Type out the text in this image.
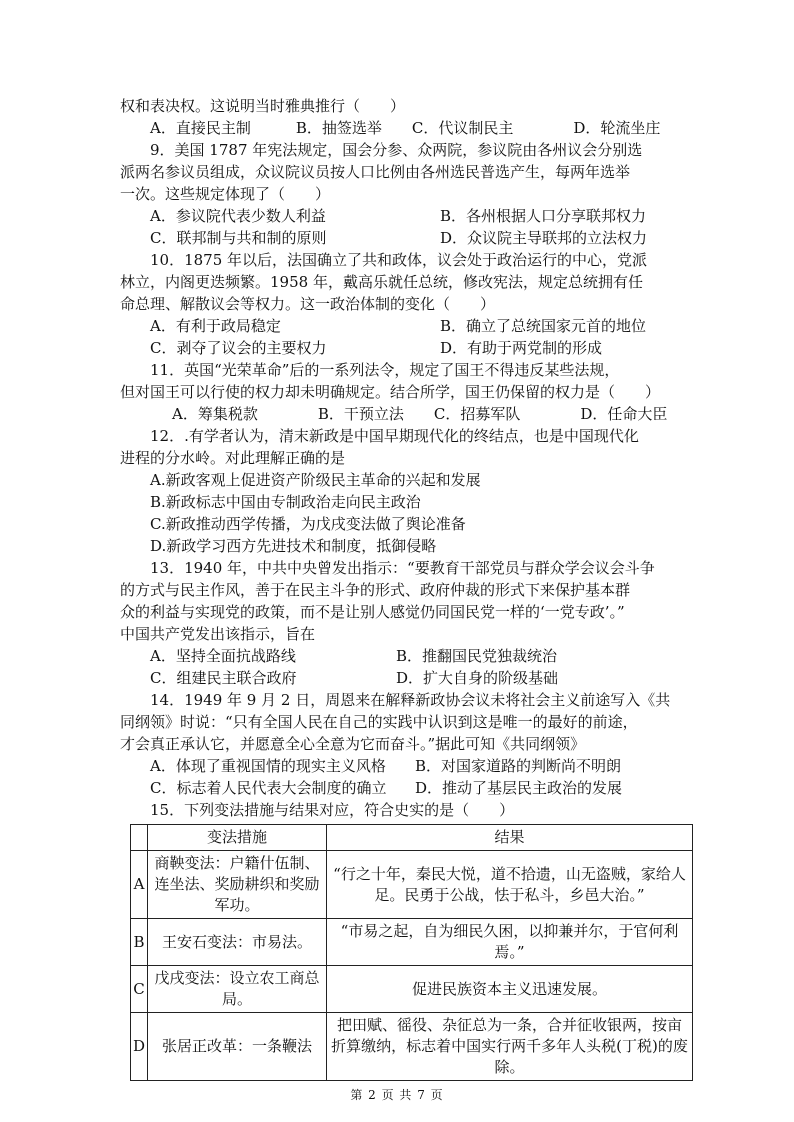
权和表决权。这说明当时雅典推行（　　）
A．直接民主制　　　B．抽签选举　　C．代议制民主　　　　D．轮流坐庄
9．美国 1787 年宪法规定，国会分参、众两院，参议院由各州议会分别选
派两名参议员组成，众议院议员按人口比例由各州选民普选产生，每两年选举
一次。这些规定体现了（　　）
A．参议院代表少数人利益	B．各州根据人口分享联邦权力
C．联邦制与共和制的原则	D．众议院主导联邦的立法权力
10．1875 年以后，法国确立了共和政体，议会处于政治运行的中心，党派
林立，内阁更迭频繁。1958 年，戴高乐就任总统，修改宪法，规定总统拥有任
命总理、解散议会等权力。这一政治体制的变化（　　）
A．有利于政局稳定	B．确立了总统国家元首的地位
C．剥夺了议会的主要权力	D．有助于两党制的形成
11．英国“光荣革命”后的一系列法令，规定了国王不得违反某些法规，
但对国王可以行使的权力却未明确规定。结合所学，国王仍保留的权力是（　　）
A．筹集税款　　　　B．干预立法　　C．招募军队　　　　D．任命大臣
12．.有学者认为，清末新政是中国早期现代化的终结点，也是中国现代化
进程的分水岭。对此理解正确的是
A.新政客观上促进资产阶级民主革命的兴起和发展
B.新政标志中国由专制政治走向民主政治
C.新政推动西学传播，为戊戌变法做了舆论准备
D.新政学习西方先进技术和制度，抵御侵略
13．1940 年，中共中央曾发出指示：“要教育干部党员与群众学会议会斗争
的方式与民主作风，善于在民主斗争的形式、政府仲裁的形式下来保护基本群
众的利益与实现党的政策，而不是让别人感觉仍同国民党一样的‘一党专政’。”
中国共产党发出该指示，旨在
A．坚持全面抗战路线	B．推翻国民党独裁统治
C．组建民主联合政府	D．扩大自身的阶级基础
14．1949 年 9 月 2 日，周恩来在解释新政协会议未将社会主义前途写入《共
同纲领》时说：“只有全国人民在自己的实践中认识到这是唯一的最好的前途，
才会真正承认它，并愿意全心全意为它而奋斗。”据此可知《共同纲领》
A．体现了重视国情的现实主义风格 B．对国家道路的判断尚不明朗
C．标志着人民代表大会制度的确立 D．推动了基层民主政治的发展
15．下列变法措施与结果对应，符合史实的是（　　）
	变法措施	结果
A	商鞅变法：户籍什伍制、连坐法、奖励耕织和奖励军功。	“行之十年，秦民大悦，道不拾遗，山无盗贼，家给人足。民勇于公战，怯于私斗，乡邑大治。”
B	王安石变法：市易法。	“市易之起，自为细民久困，以抑兼并尔，于官何利焉。”
C	戊戌变法：设立农工商总局。	促进民族资本主义迅速发展。
D	张居正改革：一条鞭法	把田赋、徭役、杂征总为一条，合并征收银两，按亩折算缴纳，标志着中国实行两千多年人头税(丁税)的废除。
第 2 页 共 7 页
